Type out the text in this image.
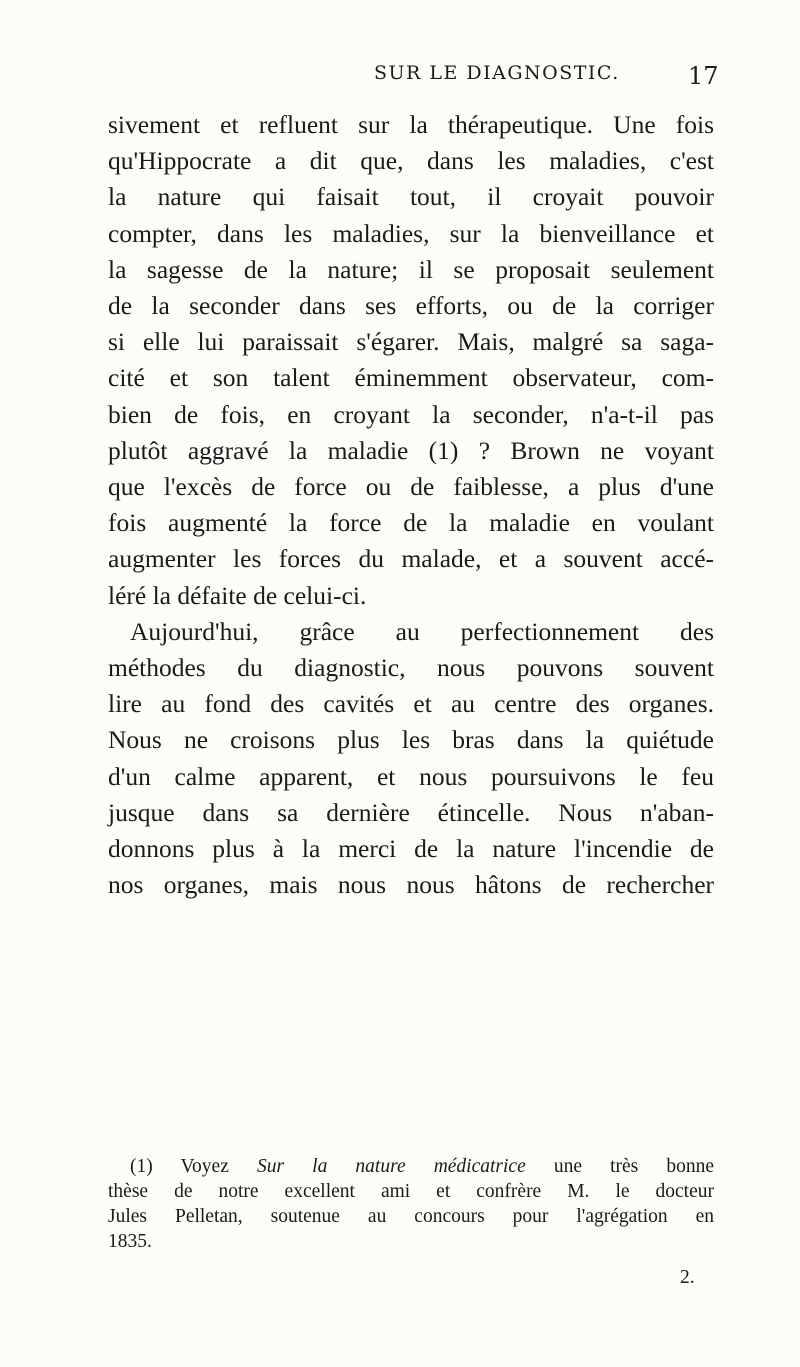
SUR LE DIAGNOSTIC.	17
sivement et refluent sur la thérapeutique. Une fois
qu'Hippocrate a dit que, dans les maladies, c'est
la nature qui faisait tout, il croyait pouvoir
compter, dans les maladies, sur la bienveillance et
la sagesse de la nature; il se proposait seulement
de la seconder dans ses efforts, ou de la corriger
si elle lui paraissait s'égarer. Mais, malgré sa saga-
cité et son talent éminemment observateur, com-
bien de fois, en croyant la seconder, n'a-t-il pas
plutôt aggravé la maladie (1) ? Brown ne voyant
que l'excès de force ou de faiblesse, a plus d'une
fois augmenté la force de la maladie en voulant
augmenter les forces du malade, et a souvent accé-
léré la défaite de celui-ci.
Aujourd'hui, grâce au perfectionnement des
méthodes du diagnostic, nous pouvons souvent
lire au fond des cavités et au centre des organes.
Nous ne croisons plus les bras dans la quiétude
d'un calme apparent, et nous poursuivons le feu
jusque dans sa dernière étincelle. Nous n'aban-
donnons plus à la merci de la nature l'incendie de
nos organes, mais nous nous hâtons de rechercher
(1) Voyez Sur la nature médicatrice une très bonne
thèse de notre excellent ami et confrère M. le docteur
Jules Pelletan, soutenue au concours pour l'agrégation en
1835.
2.
